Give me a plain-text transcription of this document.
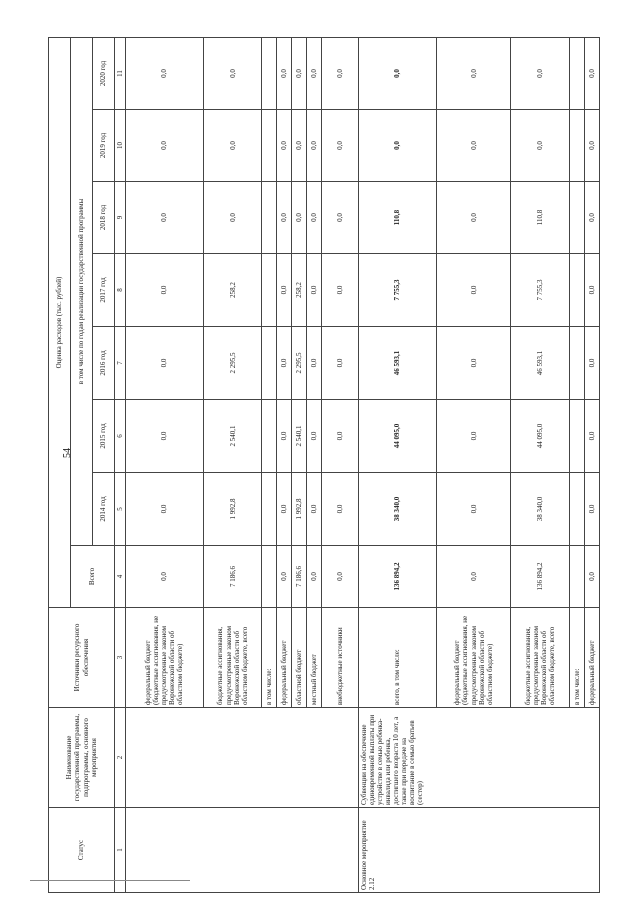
54
Статус	Наименование государственной программы, подпрограммы, основного мероприятия	Источники ресурсного обеспечения	Оценка расходов (тыс. рублей)							
			Всего	в том числе по годам реализации государственной программы						
				2014 год	2015 год	2016 год	2017 год	2018 год	2019 год	2020 год
1	2	3	4	5	6	7	8	9	10	11
		федеральный бюджет (бюджетные ассигнования, не предусмотренные законом Воронежской области об областном бюджете)	0,0	0,0	0,0	0,0	0,0	0,0	0,0	0,0
		бюджетные ассигнования, предусмотренные законом Воронежской области об областном бюджете, всего	7 186,6	1 992,8	2 540,1	2 295,5	258,2	0,0	0,0	0,0
		в том числе:								
		федеральный бюджет	0,0	0,0	0,0	0,0	0,0	0,0	0,0	0,0
		областной бюджет	7 186,6	1 992,8	2 540,1	2 295,5	258,2	0,0	0,0	0,0
		местный бюджет	0,0	0,0	0,0	0,0	0,0	0,0	0,0	0,0
		внебюджетные источники	0,0	0,0	0,0	0,0	0,0	0,0	0,0	0,0
Основное мероприятие 2.12	Субвенции на обеспечение единовременной выплаты при устройстве в семью ребенка-инвалида или ребенка, достигшего возраста 10 лет, а также при передаче на воспитание в семью братьев (сестер)	всего, в том числе:	136 894,2	38 340,0	44 095,0	46 593,1	7 755,3	110,8	0,0	0,0
		федеральный бюджет (бюджетные ассигнования, не предусмотренные законом Воронежской области об областном бюджете)	0,0	0,0	0,0	0,0	0,0	0,0	0,0	0,0
		бюджетные ассигнования, предусмотренные законом Воронежской области об областном бюджете, всего	136 894,2	38 340,0	44 095,0	46 593,1	7 755,3	110,8	0,0	0,0
		в том числе:								
		федеральный бюджет	0,0	0,0	0,0	0,0	0,0	0,0	0,0	0,0
